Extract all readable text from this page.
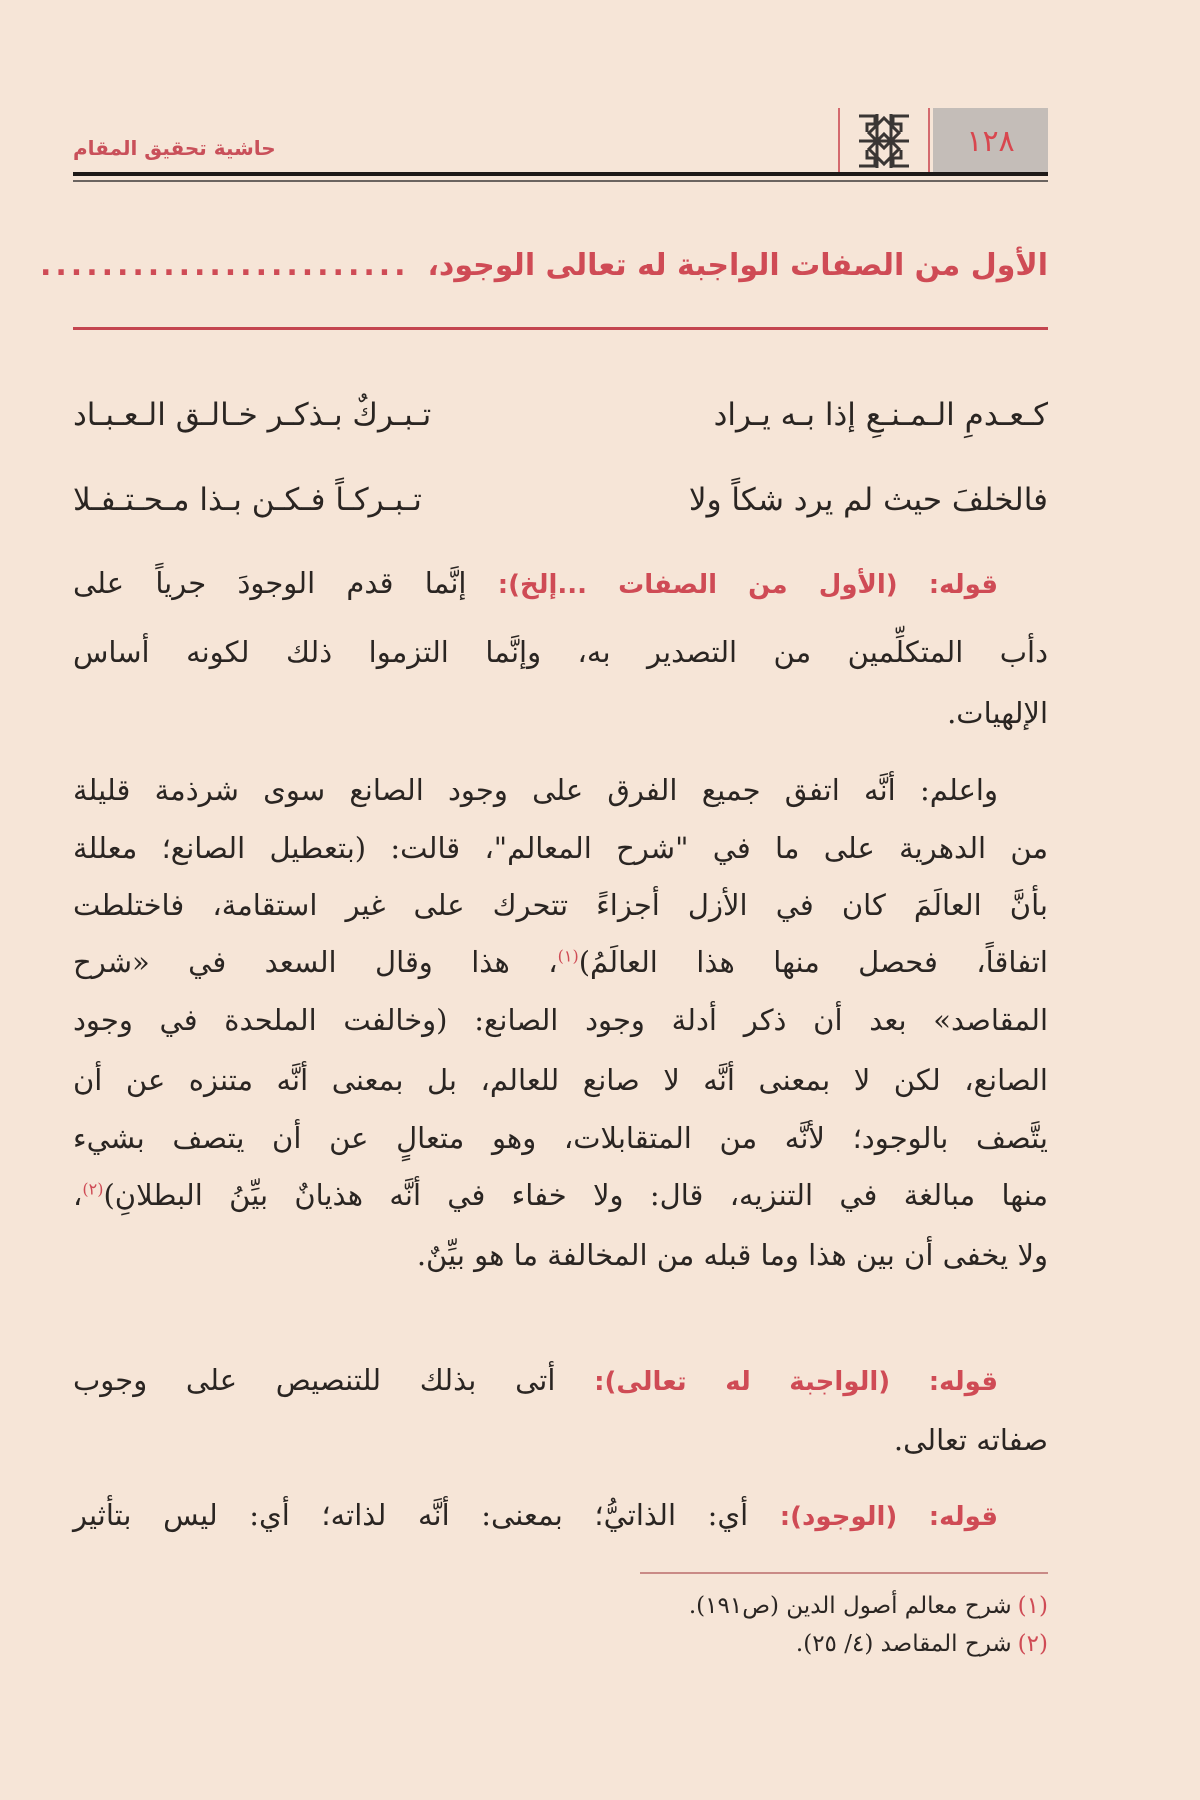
حاشية تحقيق المقام	١٢٨
الأول من الصفات الواجبة له تعالى الوجود،........................
كـعـدمِ الـمـنـعِ إذا بـه يـراد
تـبـركٌ بـذكـر خـالـق الـعـبـاد
فالخلفَ حيث لم يرد شكاً ولا
تـبـركـاً فـكـن بـذا مـحـتـفـلا
قوله: (الأول من الصفات ...إلخ): إنَّما قدم الوجودَ جرياً على
دأب المتكلِّمين من التصدير به، وإنَّما التزموا ذلك لكونه أساس
الإلهيات.
واعلم: أنَّه اتفق جميع الفرق على وجود الصانع سوى شرذمة قليلة
من الدهرية على ما في "شرح المعالم"، قالت: (بتعطيل الصانع؛ معللة
بأنَّ العالَمَ كان في الأزل أجزاءً تتحرك على غير استقامة، فاختلطت
اتفاقاً، فحصل منها هذا العالَمُ)$^{(١)}$، هذا وقال السعد في «شرح
المقاصد» بعد أن ذكر أدلة وجود الصانع: (وخالفت الملحدة في وجود
الصانع، لكن لا بمعنى أنَّه لا صانع للعالم، بل بمعنى أنَّه متنزه عن أن
يتَّصف بالوجود؛ لأنَّه من المتقابلات، وهو متعالٍ عن أن يتصف بشيء
منها مبالغة في التنزيه، قال: ولا خفاء في أنَّه هذيانٌ بيِّنُ البطلانِ)$^{(٢)}$،
ولا يخفى أن بين هذا وما قبله من المخالفة ما هو بيِّنٌ.
قوله: (الواجبة له تعالى): أتى بذلك للتنصيص على وجوب
صفاته تعالى.
قوله: (الوجود): أي: الذاتيُّ؛ بمعنى: أنَّه لذاته؛ أي: ليس بتأثير
(١)شرح معالم أصول الدين (ص١٩١).
(٢)شرح المقاصد (٤/ ٢٥).
